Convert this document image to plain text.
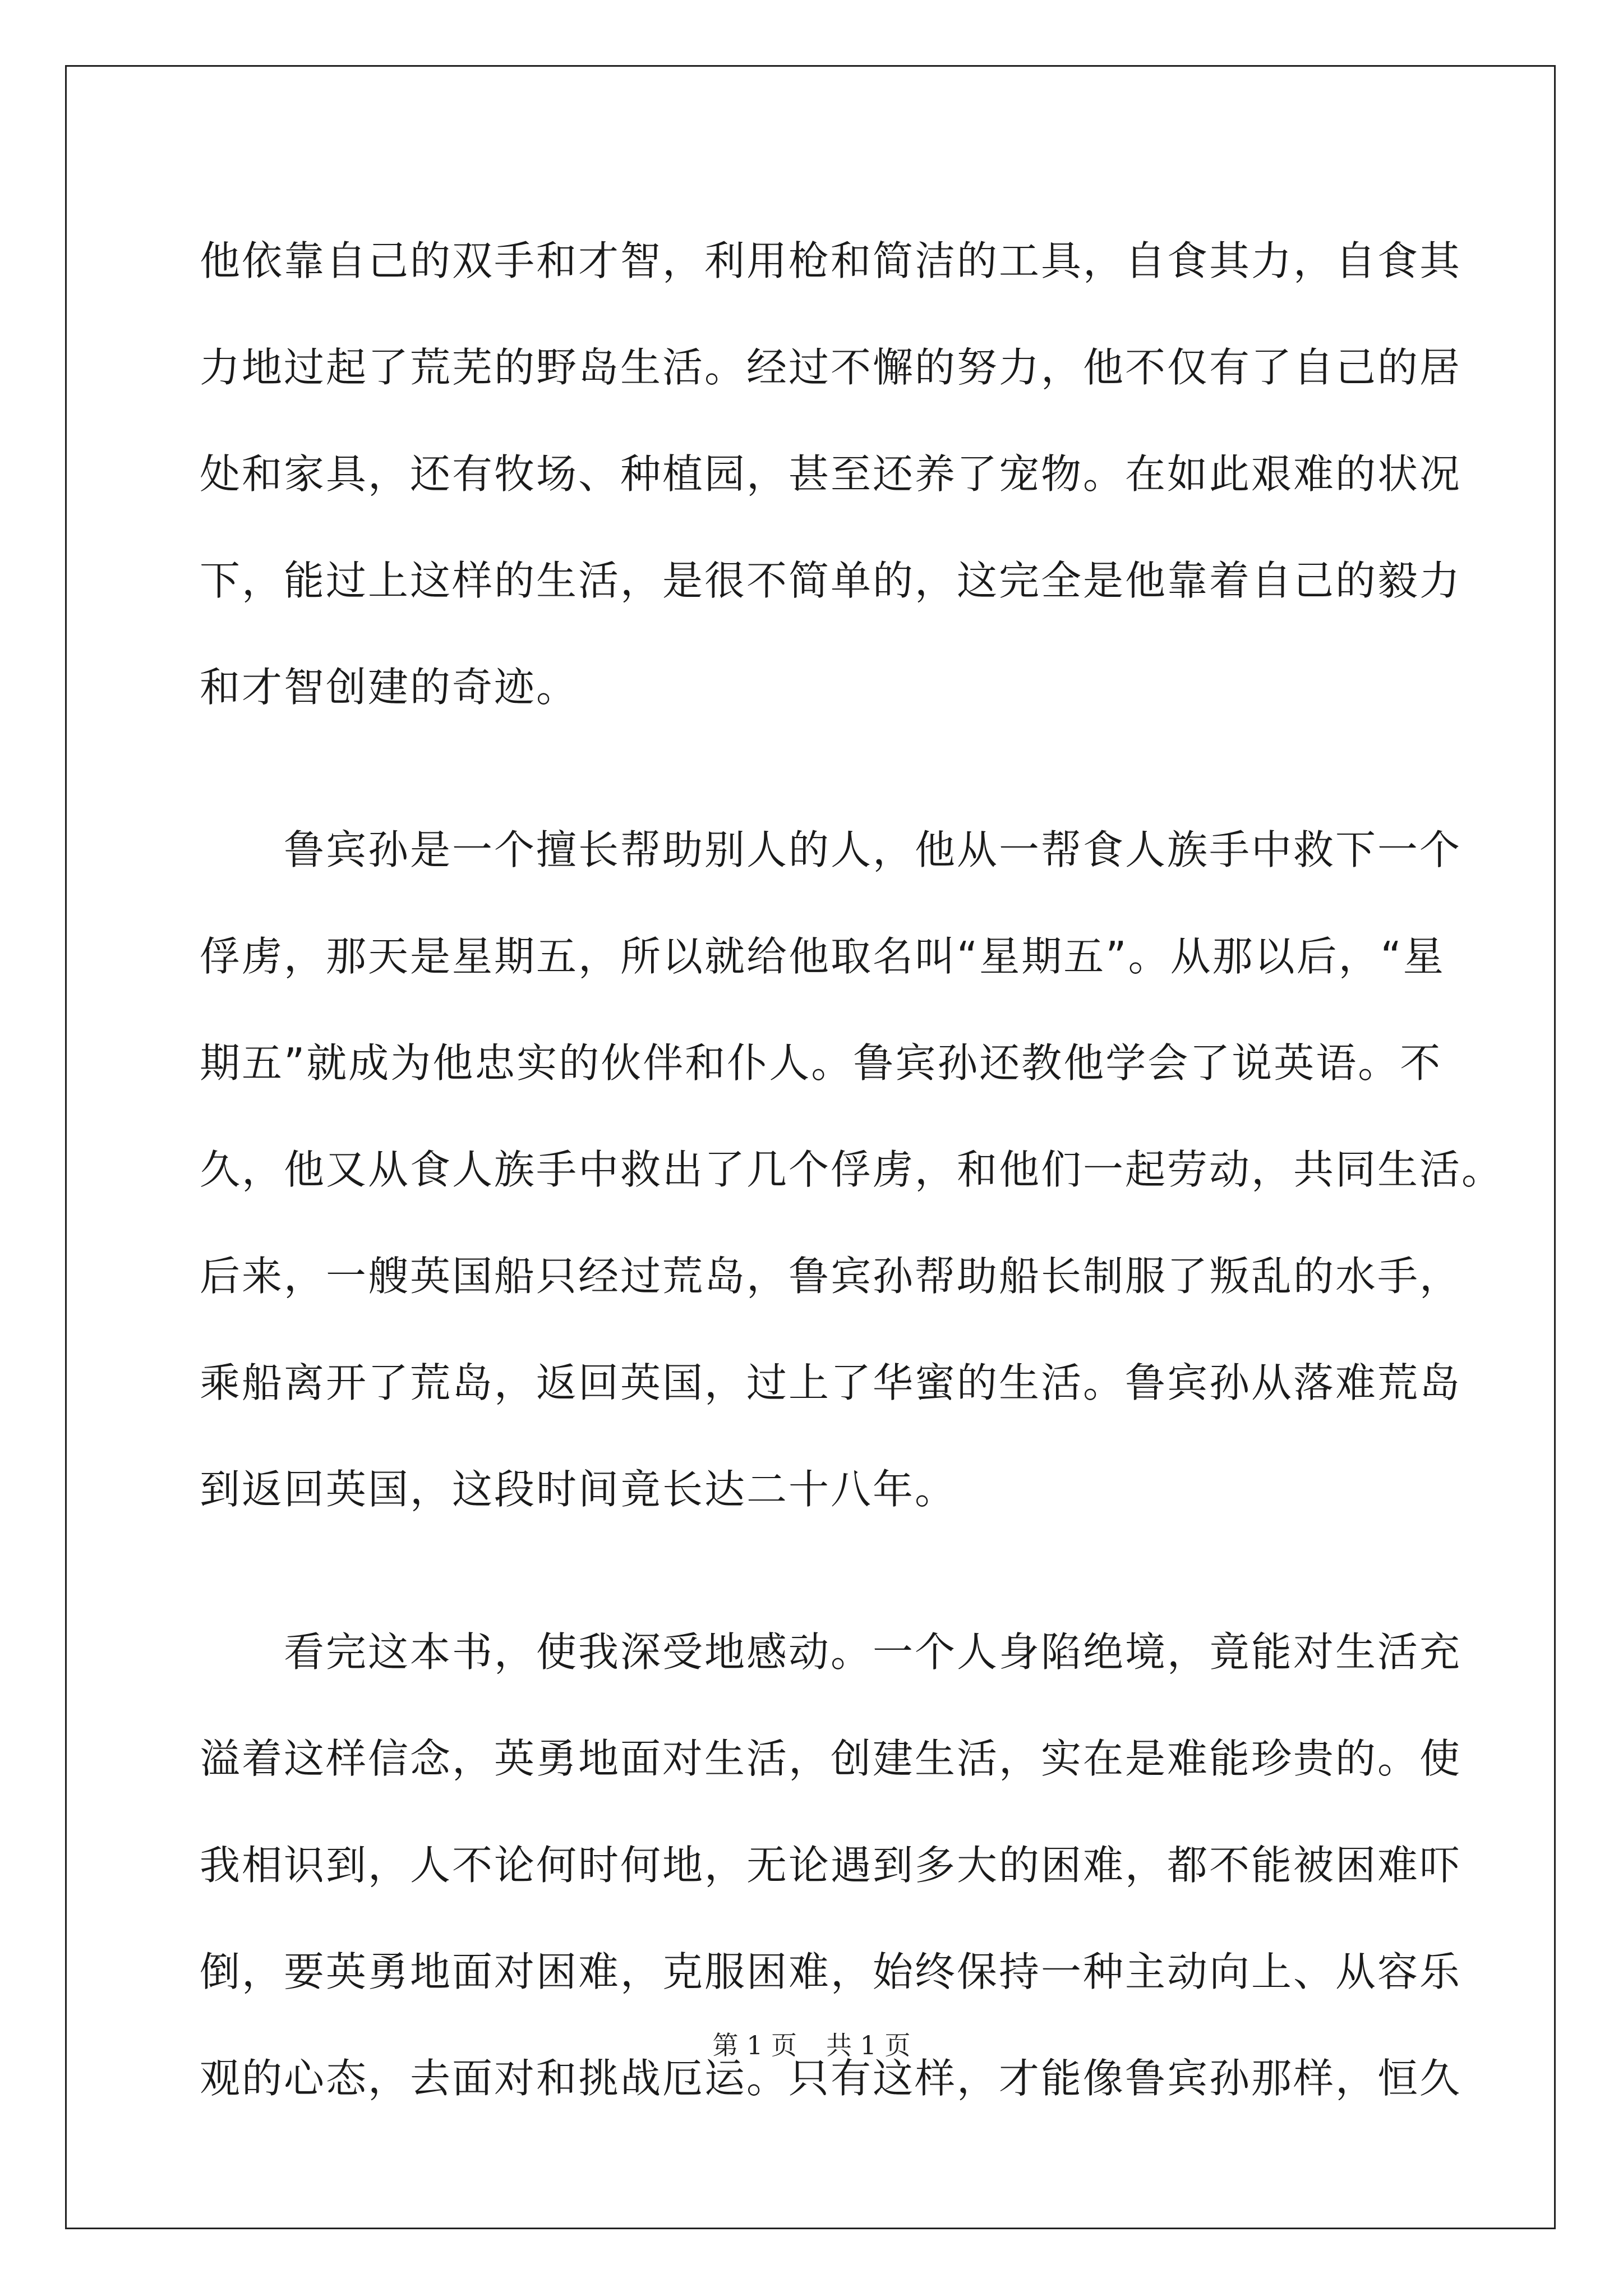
他依靠自己的双手和才智，利用枪和简洁的工具，自食其力，自食其
力地过起了荒芜的野岛生活。经过不懈的努力，他不仅有了自己的居
处和家具，还有牧场、种植园，甚至还养了宠物。在如此艰难的状况
下，能过上这样的生活，是很不简单的，这完全是他靠着自己的毅力
和才智创建的奇迹。
　　鲁宾孙是一个擅长帮助别人的人，他从一帮食人族手中救下一个
俘虏，那天是星期五，所以就给他取名叫“星期五”。从那以后，“星
期五”就成为他忠实的伙伴和仆人。鲁宾孙还教他学会了说英语。不
久，他又从食人族手中救出了几个俘虏，和他们一起劳动，共同生活。
后来，一艘英国船只经过荒岛，鲁宾孙帮助船长制服了叛乱的水手，
乘船离开了荒岛，返回英国，过上了华蜜的生活。鲁宾孙从落难荒岛
到返回英国，这段时间竟长达二十八年。
　　看完这本书，使我深受地感动。一个人身陷绝境，竟能对生活充
溢着这样信念，英勇地面对生活，创建生活，实在是难能珍贵的。使
我相识到，人不论何时何地，无论遇到多大的困难，都不能被困难吓
倒，要英勇地面对困难，克服困难，始终保持一种主动向上、从容乐
观的心态，去面对和挑战厄运。只有这样，才能像鲁宾孙那样，恒久
第 1 页 共 1 页
